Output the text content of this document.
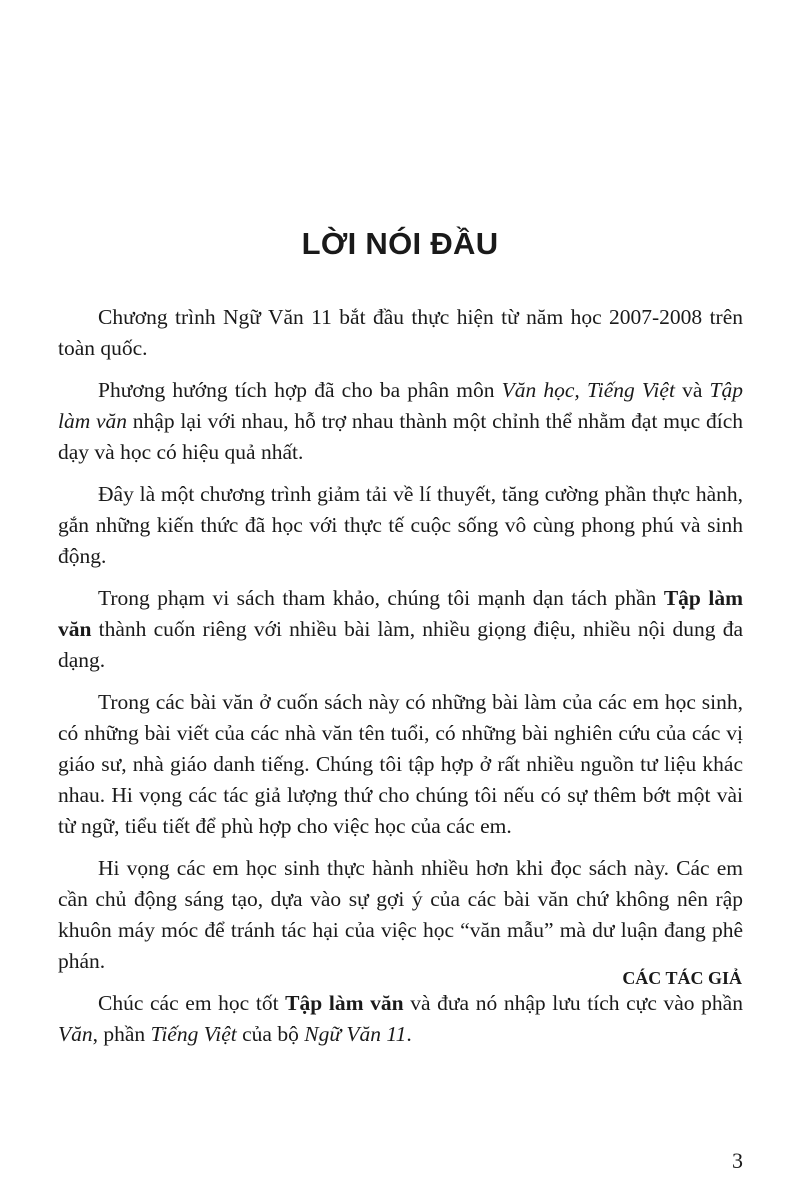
LỜI NÓI ĐẦU

Chương trình Ngữ Văn 11 bắt đầu thực hiện từ năm học 2007-2008 trên toàn quốc.

Phương hướng tích hợp đã cho ba phân môn Văn học, Tiếng Việt và Tập làm văn nhập lại với nhau, hỗ trợ nhau thành một chỉnh thể nhằm đạt mục đích dạy và học có hiệu quả nhất.

Đây là một chương trình giảm tải về lí thuyết, tăng cường phần thực hành, gắn những kiến thức đã học với thực tế cuộc sống vô cùng phong phú và sinh động.

Trong phạm vi sách tham khảo, chúng tôi mạnh dạn tách phần Tập làm văn thành cuốn riêng với nhiều bài làm, nhiều giọng điệu, nhiều nội dung đa dạng.

Trong các bài văn ở cuốn sách này có những bài làm của các em học sinh, có những bài viết của các nhà văn tên tuổi, có những bài nghiên cứu của các vị giáo sư, nhà giáo danh tiếng. Chúng tôi tập hợp ở rất nhiều nguồn tư liệu khác nhau. Hi vọng các tác giả lượng thứ cho chúng tôi nếu có sự thêm bớt một vài từ ngữ, tiểu tiết để phù hợp cho việc học của các em.

Hi vọng các em học sinh thực hành nhiều hơn khi đọc sách này. Các em cần chủ động sáng tạo, dựa vào sự gợi ý của các bài văn chứ không nên rập khuôn máy móc để tránh tác hại của việc học “văn mẫu” mà dư luận đang phê phán.

Chúc các em học tốt Tập làm văn và đưa nó nhập lưu tích cực vào phần Văn, phần Tiếng Việt của bộ Ngữ Văn 11.

CÁC TÁC GIẢ

3
